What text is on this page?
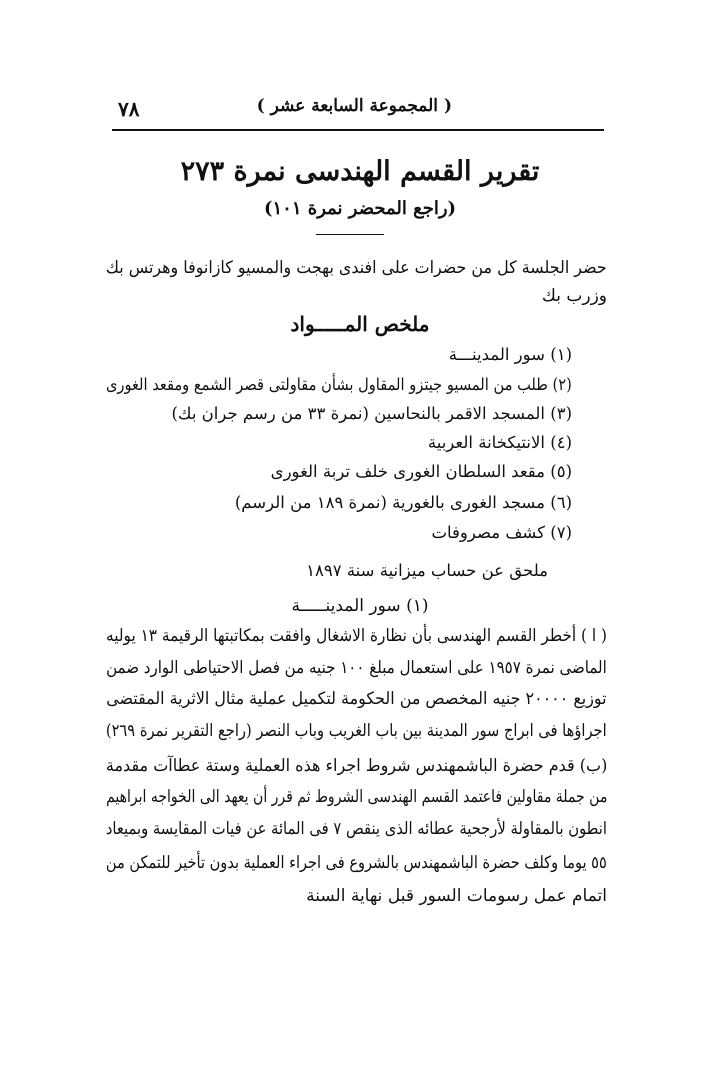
٧٨	( المجموعة السابعة عشر )
تقرير القسم الهندسى نمرة ٢٧٣
(راجع المحضر نمرة ١٠١)

حضر الجلسة كل من حضرات على افندى بهجت والمسيو كازانوفا وهرتس بك

وزرب بك

ملخص المـــــواد

(١) سور المدينـــة

(٢) طلب من المسيو جيتزو المقاول بشأن مقاولتى قصر الشمع ومقعد الغورى

(٣) المسجد الاقمر بالنحاسين (نمرة ٣٣ من رسم جران بك)

(٤) الانتيكخانة العربية

(٥) مقعد السلطان الغورى خلف تربة الغورى

(٦) مسجد الغورى بالغورية (نمرة ١٨٩ من الرسم)

(٧) كشف مصروفات

ملحق عن حساب ميزانية سنة ١٨٩٧

(١) سور المدينـــــة

( ا ) أخطر القسم الهندسى بأن نظارة الاشغال وافقت بمكاتبتها الرقيمة ١٣ يوليه

الماضى نمرة ١٩٥٧ على استعمال مبلغ ١٠٠ جنيه من فصل الاحتياطى الوارد ضمن

توزيع ٢٠٠٠٠ جنيه المخصص من الحكومة لتكميل عملية مثال الاثرية المقتضى

اجراؤها فى ابراج سور المدينة بين باب الغريب وباب النصر (راجع التقرير نمرة ٢٦٩)

(ب) قدم حضرة الباشمهندس شروط اجراء هذه العملية وستة عطاآت مقدمة

من جملة مقاولين فاعتمد القسم الهندسى الشروط ثم قرر أن يعهد الى الخواجه ابراهيم

انطون بالمقاولة لأرجحية عطائه الذى ينقص ٧ فى المائة عن فيات المقايسة وبميعاد

٥٥ يوما وكلف حضرة الباشمهندس بالشروع فى اجراء العملية بدون تأخير للتمكن من

اتمام عمل رسومات السور قبل نهاية السنة
